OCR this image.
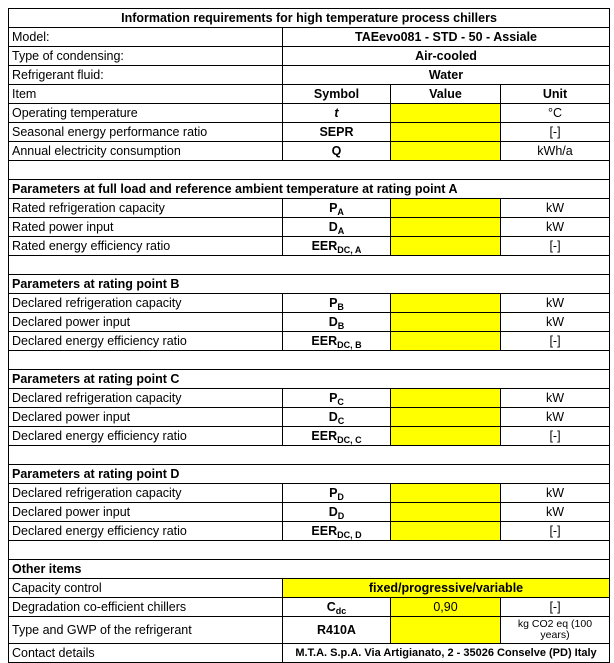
Information requirements for high temperature process chillers			
Model:	TAEevo081 - STD - 50 - Assiale		
Type of condensing:	Air-cooled		
Refrigerant fluid:	Water		
Item	Symbol	Value	Unit
Operating temperature	t		°C
Seasonal energy performance ratio	SEPR		[-]
Annual electricity consumption	Q		kWh/a

Parameters at full load and reference ambient temperature at rating point A			
Rated refrigeration capacity	$P_A$		kW
Rated power input	$D_A$		kW
Rated energy efficiency ratio	$EER_{DC, A}$		[-]

Parameters at rating point B			
Declared refrigeration capacity	$P_B$		kW
Declared power input	$D_B$		kW
Declared energy efficiency ratio	$EER_{DC, B}$		[-]

Parameters at rating point C			
Declared refrigeration capacity	$P_C$		kW
Declared power input	$D_C$		kW
Declared energy efficiency ratio	$EER_{DC, C}$		[-]

Parameters at rating point D			
Declared refrigeration capacity	$P_D$		kW
Declared power input	$D_D$		kW
Declared energy efficiency ratio	$EER_{DC, D}$		[-]

Other items			
Capacity control	fixed/progressive/variable		
Degradation co-efficient chillers	$C_{dc}$	0,90	[-]
Type and GWP of the refrigerant	R410A		kg CO2 eq (100 years)
Contact details	M.T.A. S.p.A. Via Artigianato, 2 - 35026 Conselve (PD) Italy		
